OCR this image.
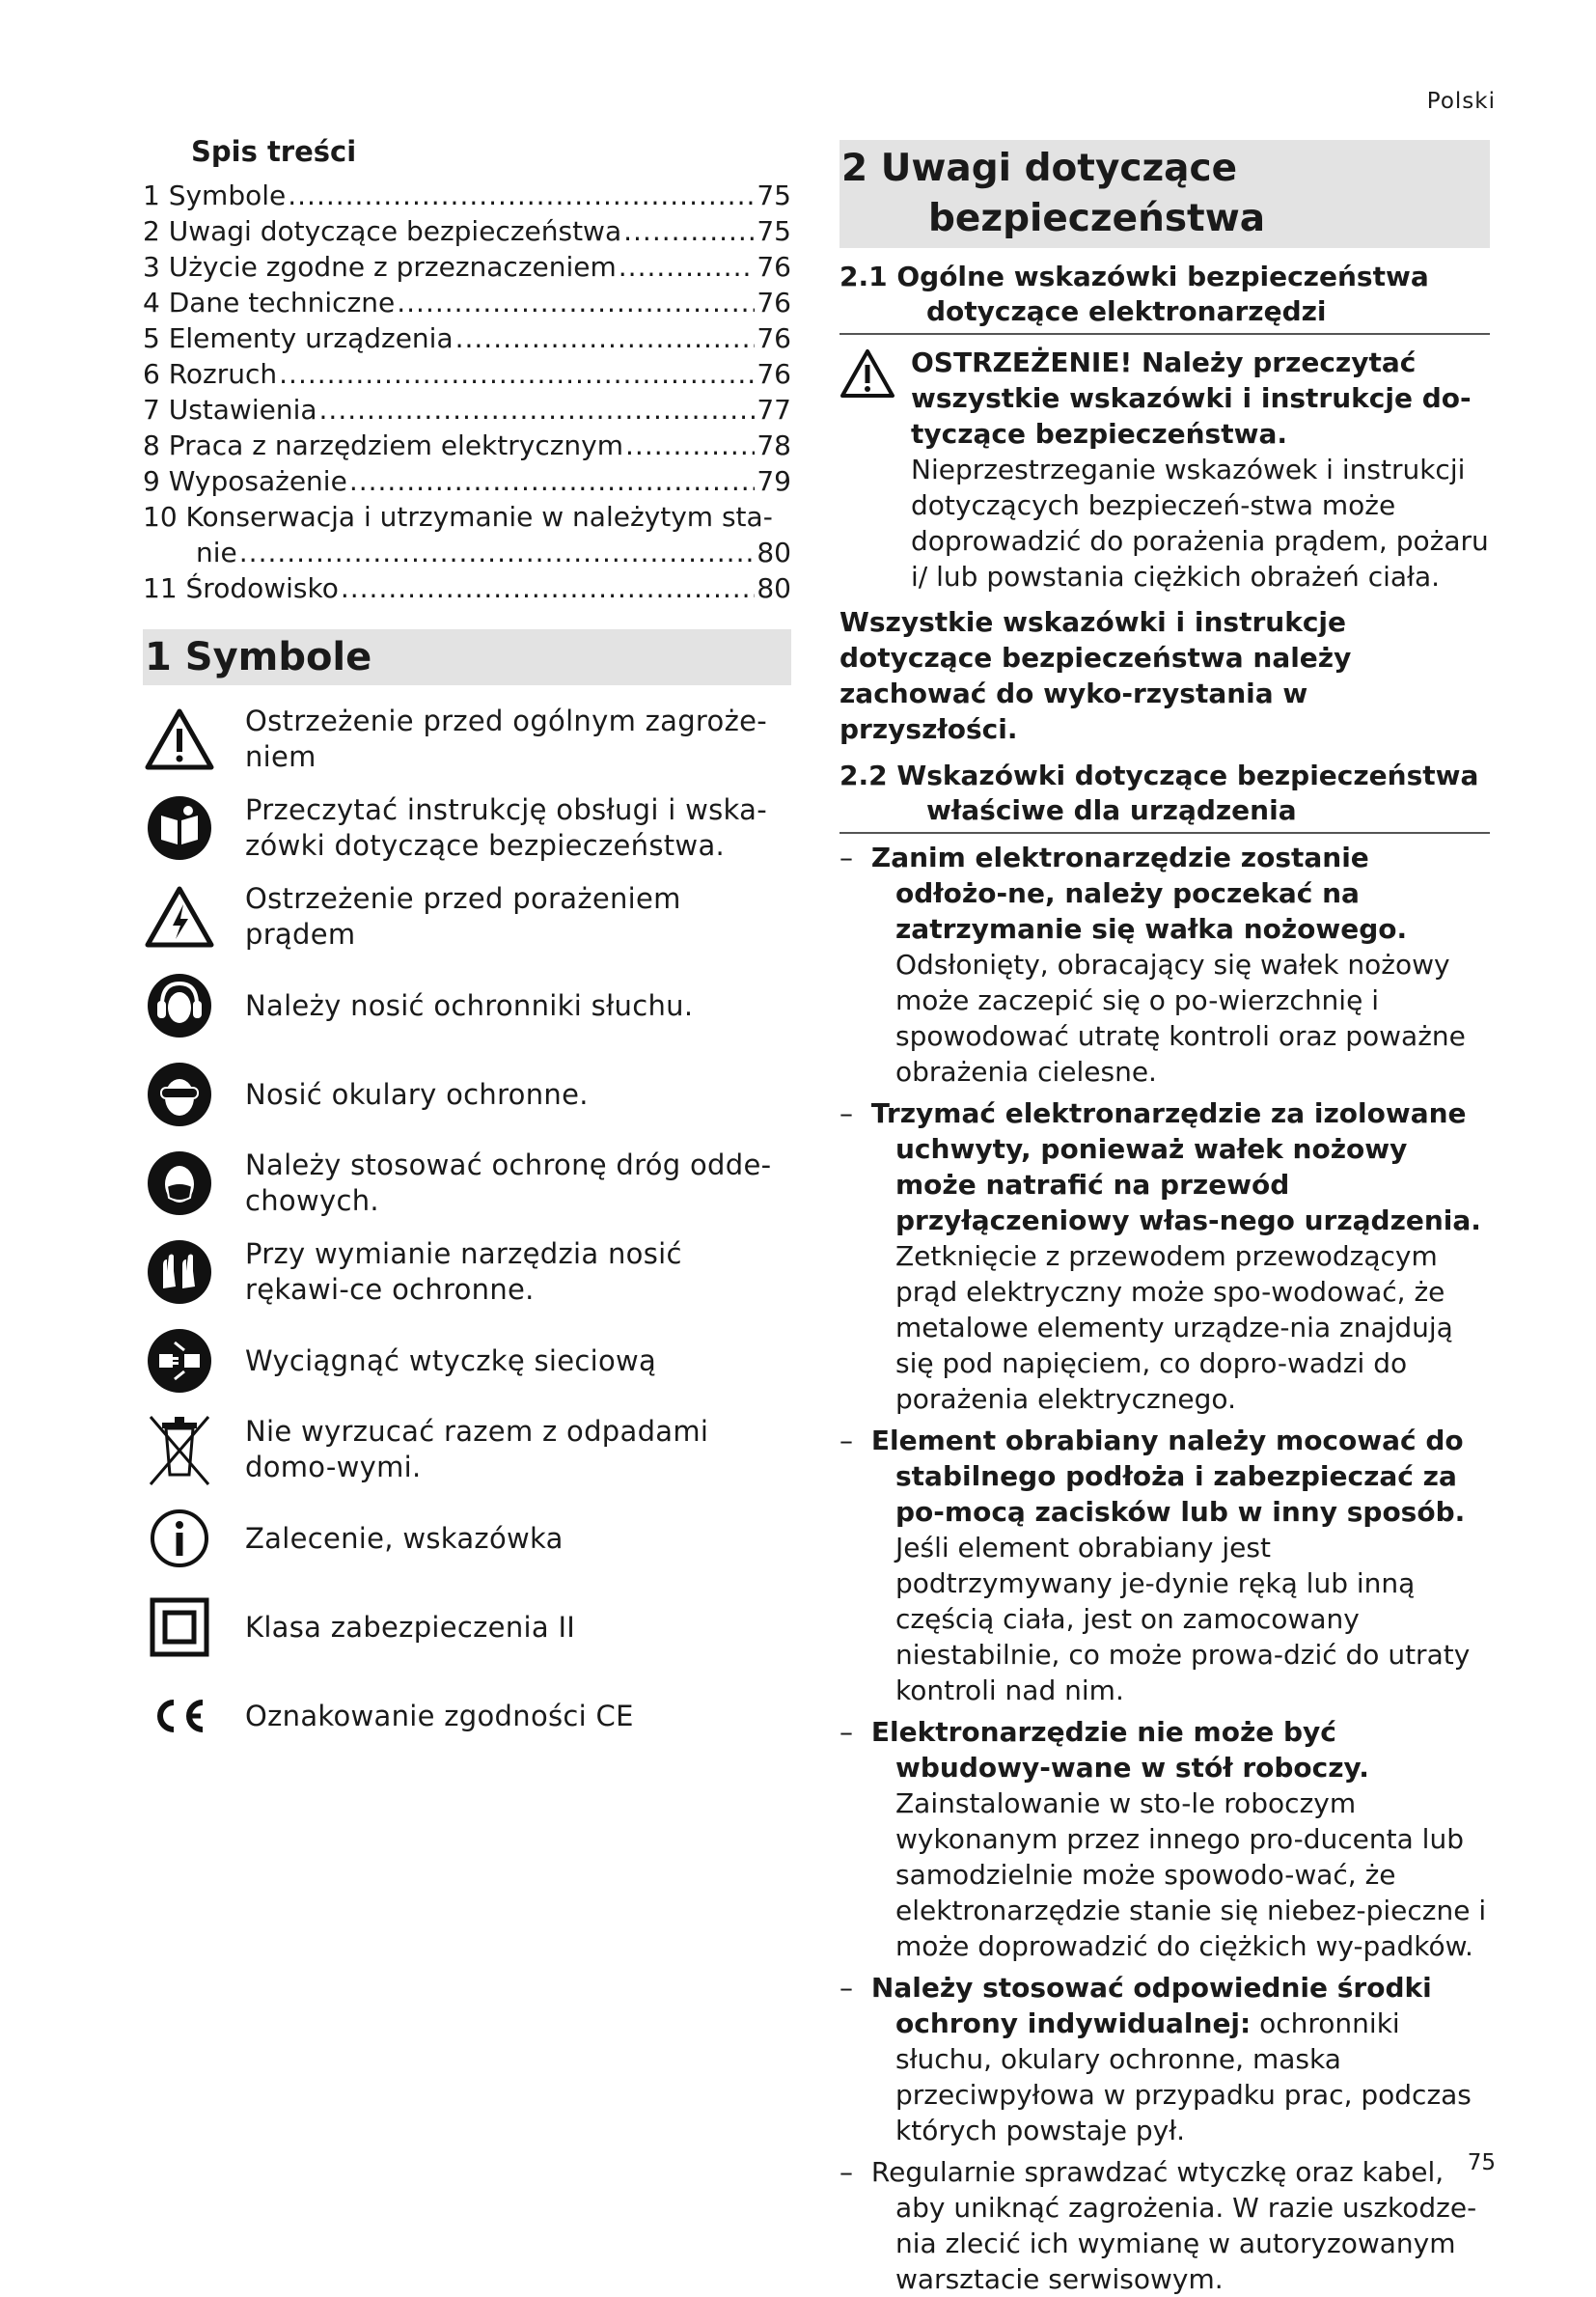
Polski
Spis treści
1 Symbole .....	75
2 Uwagi dotyczące bezpieczeństwa .....	75
3 Użycie zgodne z przeznaczeniem .....	76
4 Dane techniczne .....	76
5 Elementy urządzenia .....	76
6 Rozruch .....	76
7 Ustawienia .....	77
8 Praca z narzędziem elektrycznym .....	78
9 Wyposażenie .....	79
10 Konserwacja i utrzymanie w należytym sta-
nie .....	80
11 Środowisko .....	80
1 Symbole
Ostrzeżenie przed ogólnym zagroże-niem
Przeczytać instrukcję obsługi i wska-zówki dotyczące bezpieczeństwa.
Ostrzeżenie przed porażeniem prądem
Należy nosić ochronniki słuchu.
Nosić okulary ochronne.
Należy stosować ochronę dróg odde-chowych.
Przy wymianie narzędzia nosić rękawi-ce ochronne.
Wyciągnąć wtyczkę sieciową
Nie wyrzucać razem z odpadami domo-wymi.
Zalecenie, wskazówka
Klasa zabezpieczenia II
Oznakowanie zgodności CE
2 Uwagi dotyczące
bezpieczeństwa
2.1 Ogólne wskazówki bezpieczeństwa
dotyczące elektronarzędzi
OSTRZEŻENIE! Należy przeczytać wszystkie wskazówki i instrukcje do-tyczące bezpieczeństwa. Nieprzestrzeganie wskazówek i instrukcji dotyczących bezpieczeń-stwa może doprowadzić do porażenia prądem, pożaru i/ lub powstania ciężkich obrażeń ciała.
Wszystkie wskazówki i instrukcje dotyczące bezpieczeństwa należy zachować do wyko-rzystania w przyszłości.
2.2 Wskazówki dotyczące bezpieczeństwa
właściwe dla urządzenia
– Zanim elektronarzędzie zostanie odłożo-ne, należy poczekać na zatrzymanie się wałka nożowego. Odsłonięty, obracający się wałek nożowy może zaczepić się o po-wierzchnię i spowodować utratę kontroli oraz poważne obrażenia cielesne.
– Trzymać elektronarzędzie za izolowane uchwyty, ponieważ wałek nożowy może natrafić na przewód przyłączeniowy włas-nego urządzenia. Zetknięcie z przewodem przewodzącym prąd elektryczny może spo-wodować, że metalowe elementy urządze-nia znajdują się pod napięciem, co dopro-wadzi do porażenia elektrycznego.
– Element obrabiany należy mocować do stabilnego podłoża i zabezpieczać za po-mocą zacisków lub w inny sposób. Jeśli element obrabiany jest podtrzymywany je-dynie ręką lub inną częścią ciała, jest on zamocowany niestabilnie, co może prowa-dzić do utraty kontroli nad nim.
– Elektronarzędzie nie może być wbudowy-wane w stół roboczy. Zainstalowanie w sto-le roboczym wykonanym przez innego pro-ducenta lub samodzielnie może spowodo-wać, że elektronarzędzie stanie się niebez-pieczne i może doprowadzić do ciężkich wy-padków.
– Należy stosować odpowiednie środki ochrony indywidualnej: ochronniki słuchu, okulary ochronne, maska przeciwpyłowa w przypadku prac, podczas których powstaje pył.
– Regularnie sprawdzać wtyczkę oraz kabel, aby uniknąć zagrożenia. W razie uszkodze-nia zlecić ich wymianę w autoryzowanym warsztacie serwisowym.
75
